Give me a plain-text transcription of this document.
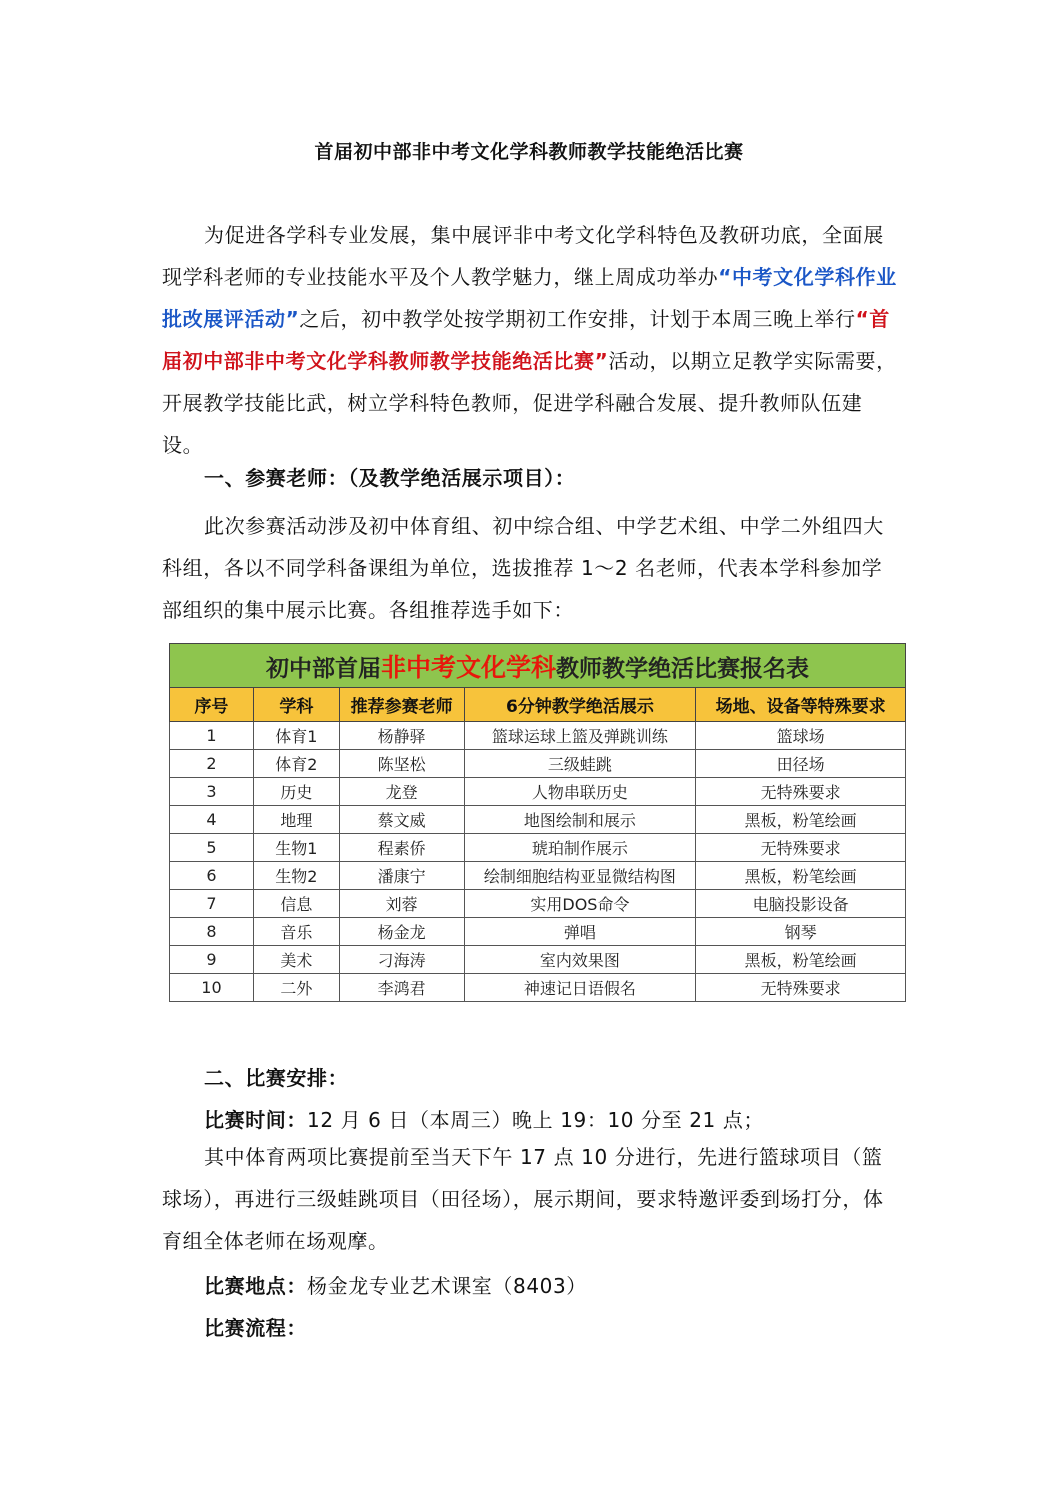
首届初中部非中考文化学科教师教学技能绝活比赛

为促进各学科专业发展，集中展评非中考文化学科特色及教研功底，全面展现学科老师的专业技能水平及个人教学魅力，继上周成功举办“中考文化学科作业批改展评活动”之后，初中教学处按学期初工作安排，计划于本周三晚上举行“首届初中部非中考文化学科教师教学技能绝活比赛”活动，以期立足教学实际需要，开展教学技能比武，树立学科特色教师，促进学科融合发展、提升教师队伍建设。

一、参赛老师：（及教学绝活展示项目）：

此次参赛活动涉及初中体育组、初中综合组、中学艺术组、中学二外组四大科组，各以不同学科备课组为单位，选拔推荐 1～2 名老师，代表本学科参加学部组织的集中展示比赛。各组推荐选手如下：

初中部首届非中考文化学科教师教学绝活比赛报名表				
序号	学科	推荐参赛老师	6分钟教学绝活展示	场地、设备等特殊要求
1	体育1	杨静驿	篮球运球上篮及弹跳训练	篮球场
2	体育2	陈坚松	三级蛙跳	田径场
3	历史	龙登	人物串联历史	无特殊要求
4	地理	蔡文威	地图绘制和展示	黑板，粉笔绘画
5	生物1	程素侨	琥珀制作展示	无特殊要求
6	生物2	潘康宁	绘制细胞结构亚显微结构图	黑板，粉笔绘画
7	信息	刘蓉	实用DOS命令	电脑投影设备
8	音乐	杨金龙	弹唱	钢琴
9	美术	刁海涛	室内效果图	黑板，粉笔绘画
10	二外	李鸿君	神速记日语假名	无特殊要求

二、比赛安排：

比赛时间：12 月 6 日（本周三）晚上 19：10 分至 21 点；

其中体育两项比赛提前至当天下午 17 点 10 分进行，先进行篮球项目（篮球场），再进行三级蛙跳项目（田径场），展示期间，要求特邀评委到场打分，体育组全体老师在场观摩。

比赛地点：杨金龙专业艺术课室（8403）

比赛流程：
